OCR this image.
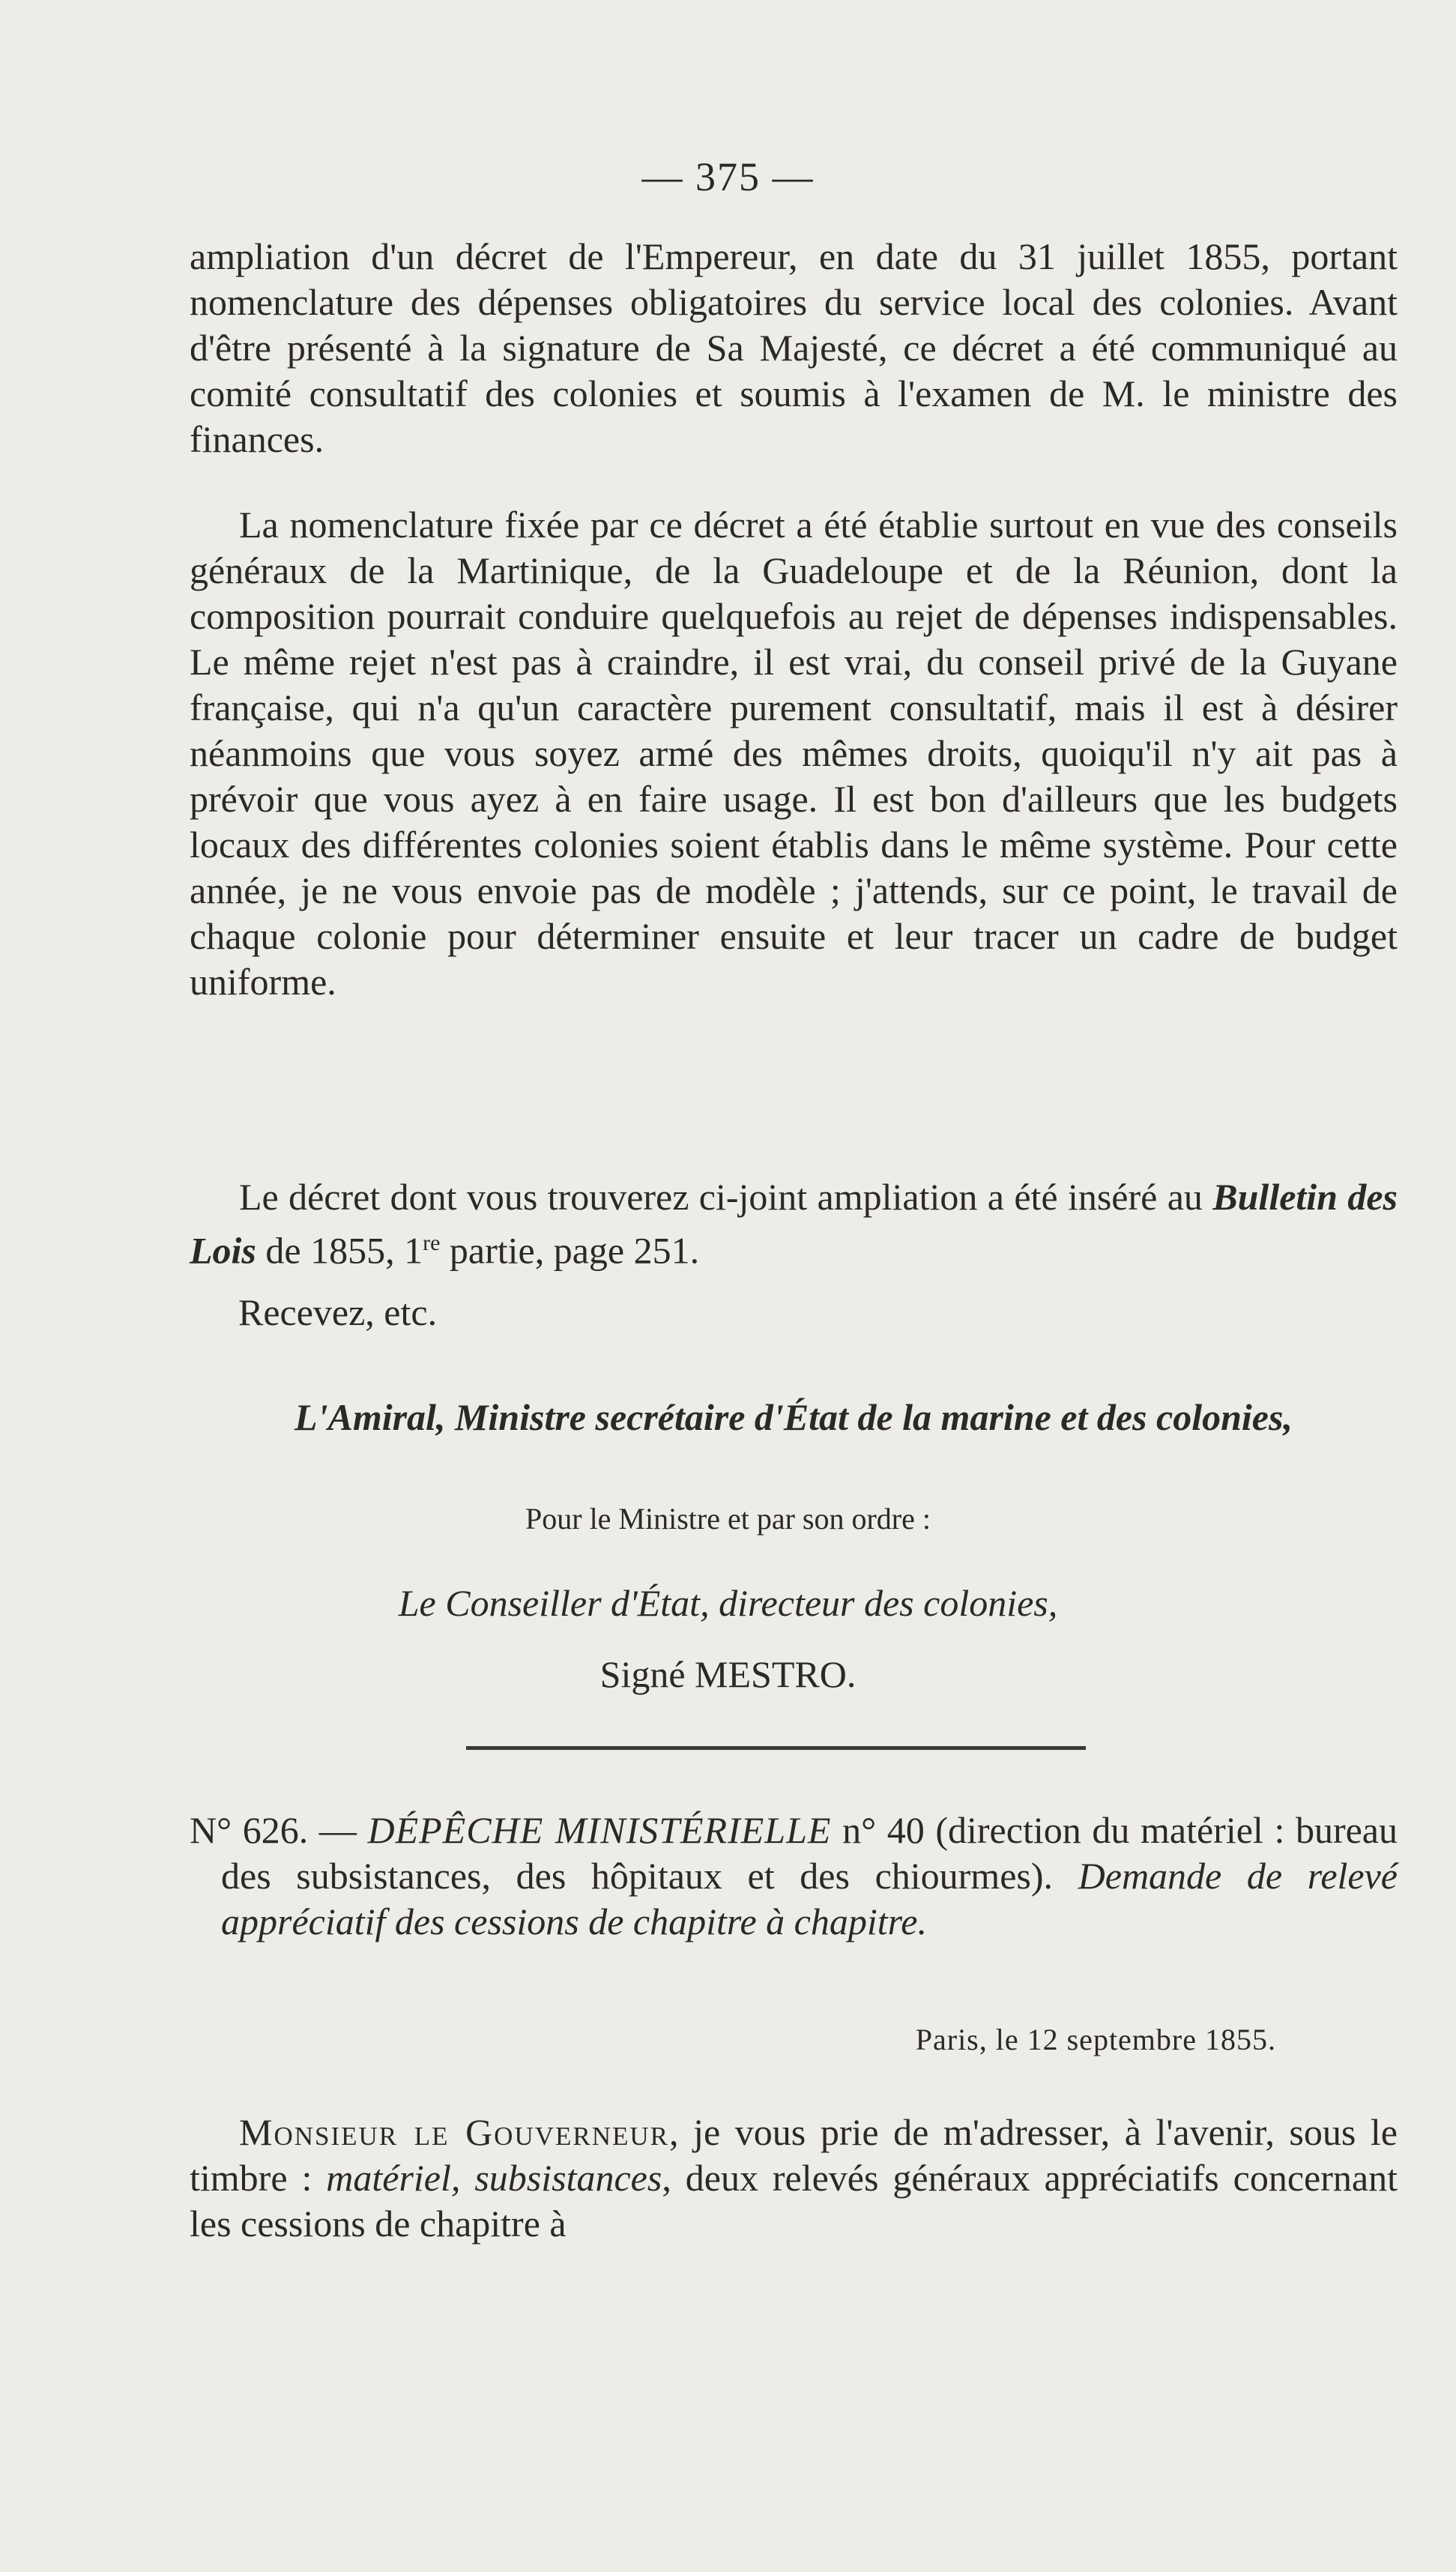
— 375 —

ampliation d'un décret de l'Empereur, en date du 31 juillet 1855, portant nomenclature des dépenses obligatoires du service local des colonies. Avant d'être présenté à la signature de Sa Majesté, ce décret a été communiqué au comité consultatif des colonies et soumis à l'examen de M. le ministre des finances.

La nomenclature fixée par ce décret a été établie surtout en vue des conseils généraux de la Martinique, de la Guadeloupe et de la Réunion, dont la composition pourrait conduire quelquefois au rejet de dépenses indispensables. Le même rejet n'est pas à craindre, il est vrai, du conseil privé de la Guyane française, qui n'a qu'un caractère purement consultatif, mais il est à désirer néanmoins que vous soyez armé des mêmes droits, quoiqu'il n'y ait pas à prévoir que vous ayez à en faire usage. Il est bon d'ailleurs que les budgets locaux des différentes colonies soient établis dans le même système. Pour cette année, je ne vous envoie pas de modèle ; j'attends, sur ce point, le travail de chaque colonie pour déterminer ensuite et leur tracer un cadre de budget uniforme.

Le décret dont vous trouverez ci-joint ampliation a été inséré au Bulletin des Lois de 1855, 1re partie, page 251.

Recevez, etc.
L'Amiral, Ministre secrétaire d'État de la marine et des colonies,
Pour le Ministre et par son ordre :
Le Conseiller d'État, directeur des colonies,
Signé MESTRO.

N° 626. — DÉPÊCHE MINISTÉRIELLE n° 40 (direction du matériel : bureau des subsistances, des hôpitaux et des chiourmes). Demande de relevé appréciatif des cessions de chapitre à chapitre.

Paris, le 12 septembre 1855.

Monsieur le Gouverneur, je vous prie de m'adresser, à l'avenir, sous le timbre : matériel, subsistances, deux relevés généraux appréciatifs concernant les cessions de chapitre à
